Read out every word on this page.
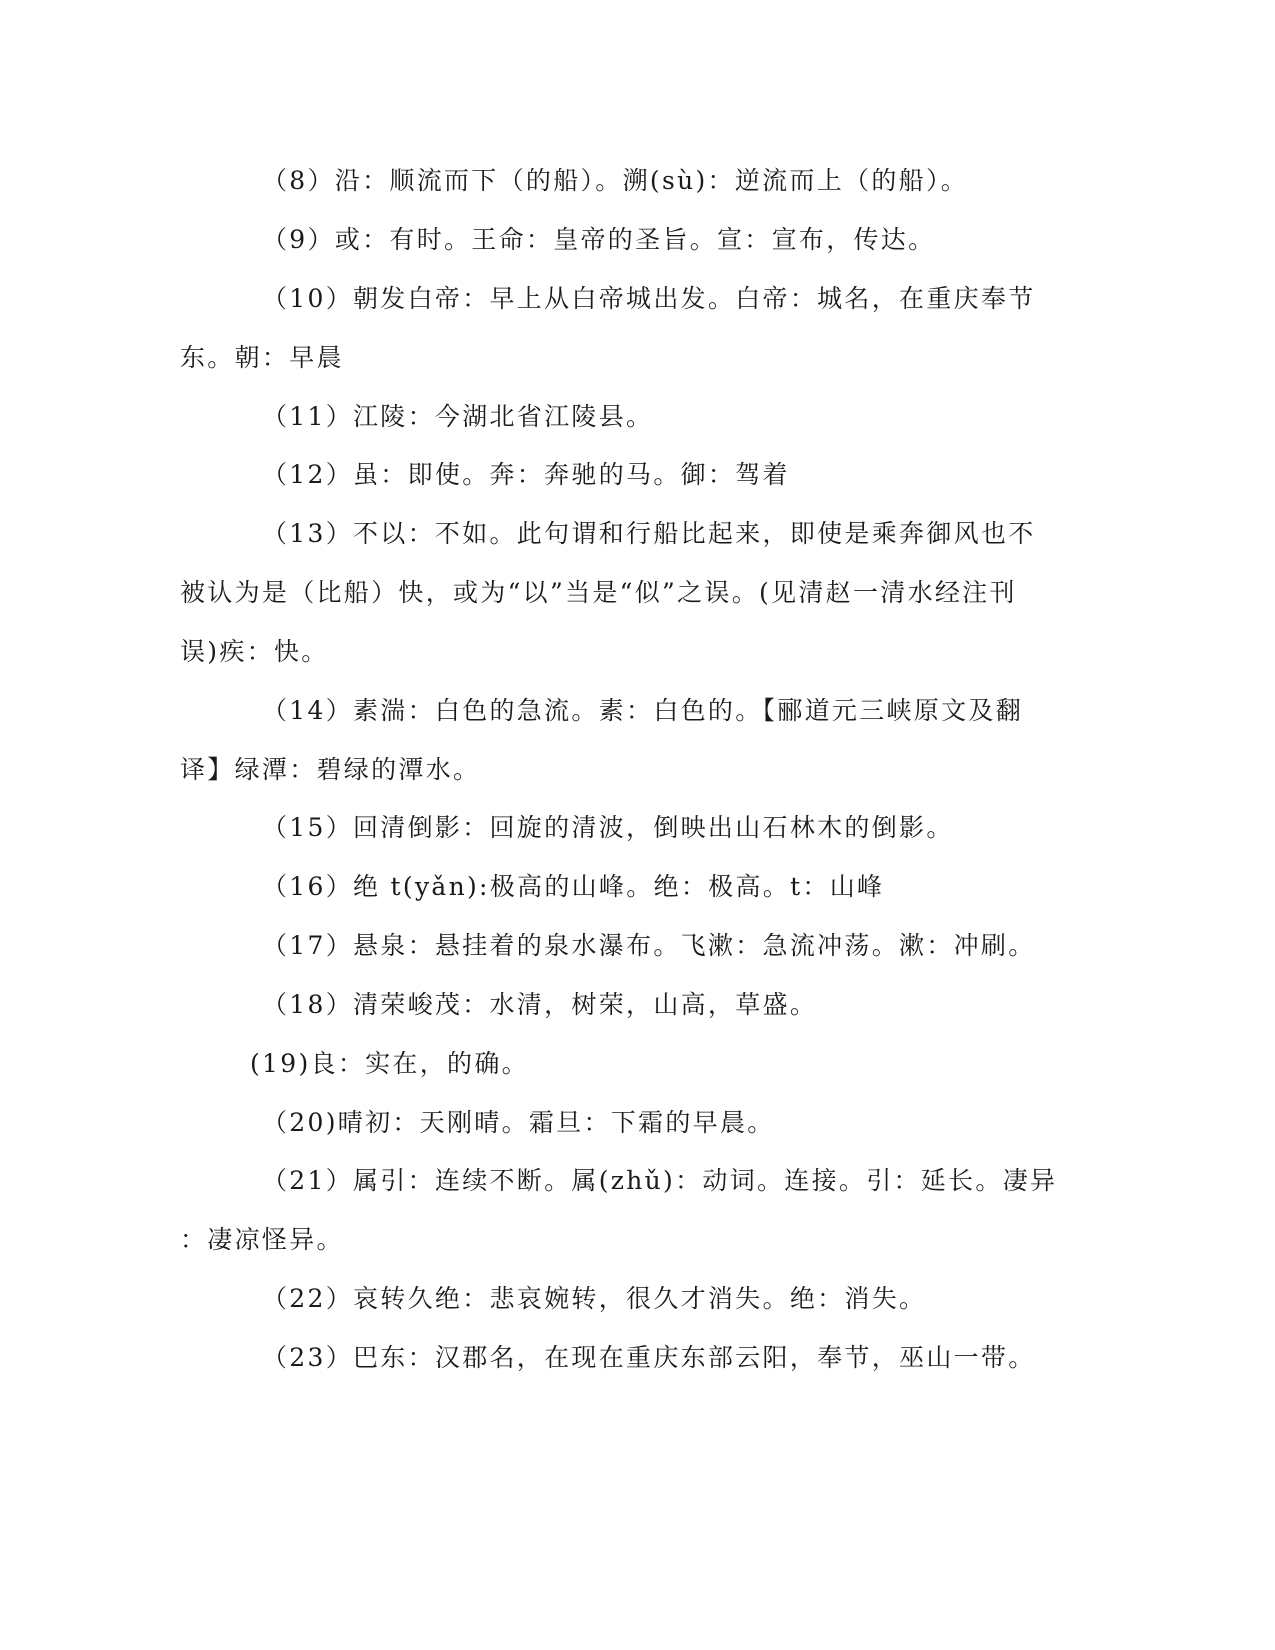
（8）沿：顺流而下（的船）。溯(sù)：逆流而上（的船）。

（9）或：有时。王命：皇帝的圣旨。宣：宣布，传达。

（10）朝发白帝：早上从白帝城出发。白帝：城名，在重庆奉节

东。朝：早晨

（11）江陵：今湖北省江陵县。

（12）虽：即使。奔：奔驰的马。御：驾着

（13）不以：不如。此句谓和行船比起来，即使是乘奔御风也不

被认为是（比船）快，或为“以”当是“似”之误。(见清赵一清水经注刊

误)疾：快。

（14）素湍：白色的急流。素：白色的。【郦道元三峡原文及翻

译】绿潭：碧绿的潭水。

（15）回清倒影：回旋的清波，倒映出山石林木的倒影。

（16）绝 t(yǎn):极高的山峰。绝：极高。t：山峰

（17）悬泉：悬挂着的泉水瀑布。飞漱：急流冲荡。漱：冲刷。

（18）清荣峻茂：水清，树荣，山高，草盛。

(19)良：实在，的确。

（20)晴初：天刚晴。霜旦：下霜的早晨。

（21）属引：连续不断。属(zhǔ)：动词。连接。引：延长。凄异

：凄凉怪异。

（22）哀转久绝：悲哀婉转，很久才消失。绝：消失。

（23）巴东：汉郡名，在现在重庆东部云阳，奉节，巫山一带。
